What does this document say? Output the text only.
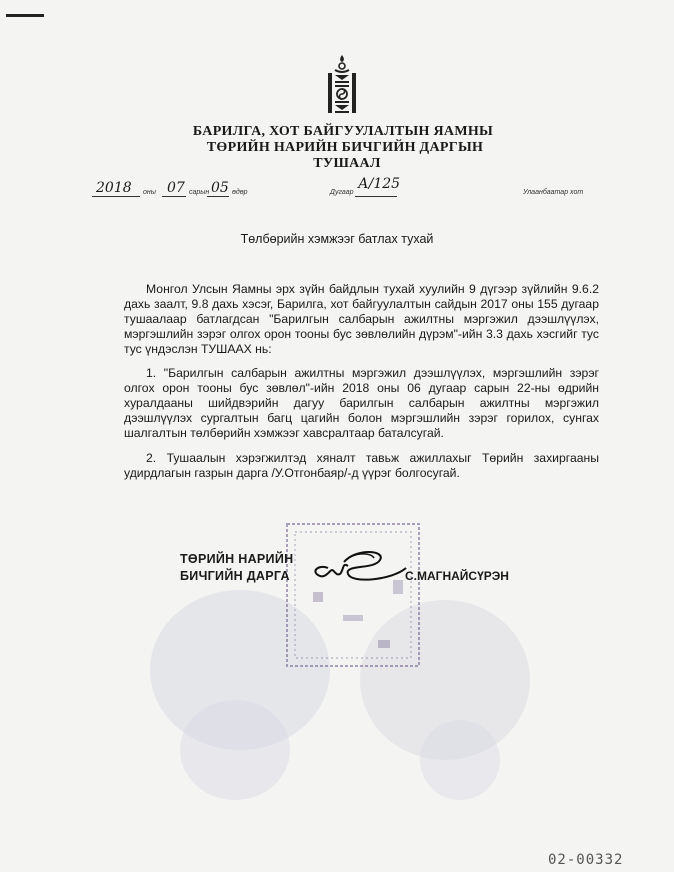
БАРИЛГА, ХОТ БАЙГУУЛАЛТЫН ЯАМНЫ
ТӨРИЙН НАРИЙН БИЧГИЙН ДАРГЫН
ТУШААЛ
2018 оны 07 сарын 05 өдөр	Дугаар
А/125
Улаанбаатар хот
Төлбөрийн хэмжээг батлах тухай
Монгол Улсын Яамны эрх зүйн байдлын тухай хуулийн 9 дүгээр зүйлийн 9.6.2 дахь заалт, 9.8 дахь хэсэг, Барилга, хот байгуулалтын сайдын 2017 оны 155 дугаар тушаалаар батлагдсан "Барилгын салбарын ажилтны мэргэжил дээшлүүлэх, мэргэшлийн зэрэг олгох орон тооны бус зөвлөлийн дүрэм"-ийн 3.3 дахь хэсгийг тус тус үндэслэн ТУШААХ нь:
1. "Барилгын салбарын ажилтны мэргэжил дээшлүүлэх, мэргэшлийн зэрэг олгох орон тооны бус зөвлөл"-ийн 2018 оны 06 дугаар сарын 22-ны өдрийн хуралдааны шийдвэрийн дагуу барилгын салбарын ажилтны мэргэжил дээшлүүлэх сургалтын багц цагийн болон мэргэшлийн зэрэг горилох, сунгах шалгалтын төлбөрийн хэмжээг хавсралтаар баталсугай.
2. Тушаалын хэрэгжилтэд хяналт тавьж ажиллахыг Төрийн захиргааны удирдлагын газрын дарга /У.Отгонбаяр/-д үүрэг болгосугай.
ТӨРИЙН НАРИЙН
БИЧГИЙН ДАРГА	С.МАГНАЙСҮРЭН
02-00332
